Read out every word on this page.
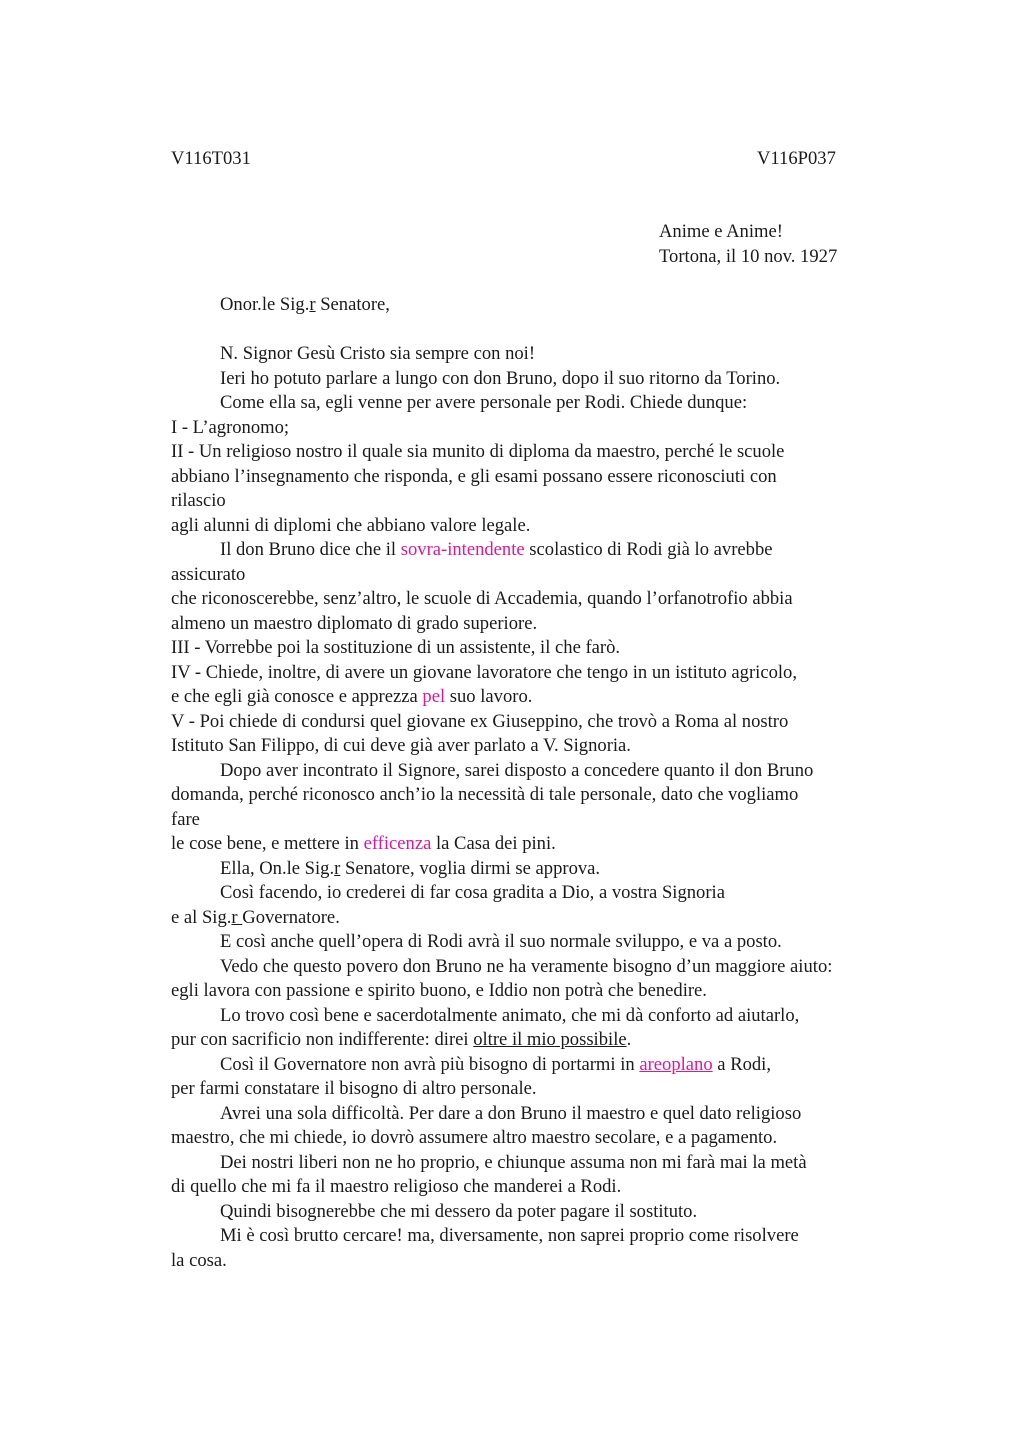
V116T031	V116P037
Anime e Anime!
Tortona, il 10 nov. 1927
Onor.le Sig.r Senatore,
N. Signor Gesù Cristo sia sempre con noi!
Ieri ho potuto parlare a lungo con don Bruno, dopo il suo ritorno da Torino.
Come ella sa, egli venne per avere personale per Rodi. Chiede dunque:
I - L’agronomo;
II - Un religioso nostro il quale sia munito di diploma da maestro, perché le scuole
abbiano l’insegnamento che risponda, e gli esami possano essere riconosciuti con
rilascio
agli alunni di diplomi che abbiano valore legale.
Il don Bruno dice che il sovra-intendente scolastico di Rodi già lo avrebbe
assicurato
che riconoscerebbe, senz’altro, le scuole di Accademia, quando l’orfanotrofio abbia
almeno un maestro diplomato di grado superiore.
III - Vorrebbe poi la sostituzione di un assistente, il che farò.
IV - Chiede, inoltre, di avere un giovane lavoratore che tengo in un istituto agricolo,
e che egli già conosce e apprezza pel suo lavoro.
V - Poi chiede di condursi quel giovane ex Giuseppino, che trovò a Roma al nostro
Istituto San Filippo, di cui deve già aver parlato a V. Signoria.
Dopo aver incontrato il Signore, sarei disposto a concedere quanto il don Bruno
domanda, perché riconosco anch’io la necessità di tale personale, dato che vogliamo
fare
le cose bene, e mettere in efficenza la Casa dei pini.
Ella, On.le Sig.r Senatore, voglia dirmi se approva.
Così facendo, io crederei di far cosa gradita a Dio, a vostra Signoria
e al Sig.r Governatore.
E così anche quell’opera di Rodi avrà il suo normale sviluppo, e va a posto.
Vedo che questo povero don Bruno ne ha veramente bisogno d’un maggiore aiuto:
egli lavora con passione e spirito buono, e Iddio non potrà che benedire.
Lo trovo così bene e sacerdotalmente animato, che mi dà conforto ad aiutarlo,
pur con sacrificio non indifferente: direi oltre il mio possibile.
Così il Governatore non avrà più bisogno di portarmi in areoplano a Rodi,
per farmi constatare il bisogno di altro personale.
Avrei una sola difficoltà. Per dare a don Bruno il maestro e quel dato religioso
maestro, che mi chiede, io dovrò assumere altro maestro secolare, e a pagamento.
Dei nostri liberi non ne ho proprio, e chiunque assuma non mi farà mai la metà
di quello che mi fa il maestro religioso che manderei a Rodi.
Quindi bisognerebbe che mi dessero da poter pagare il sostituto.
Mi è così brutto cercare! ma, diversamente, non saprei proprio come risolvere
la cosa.
